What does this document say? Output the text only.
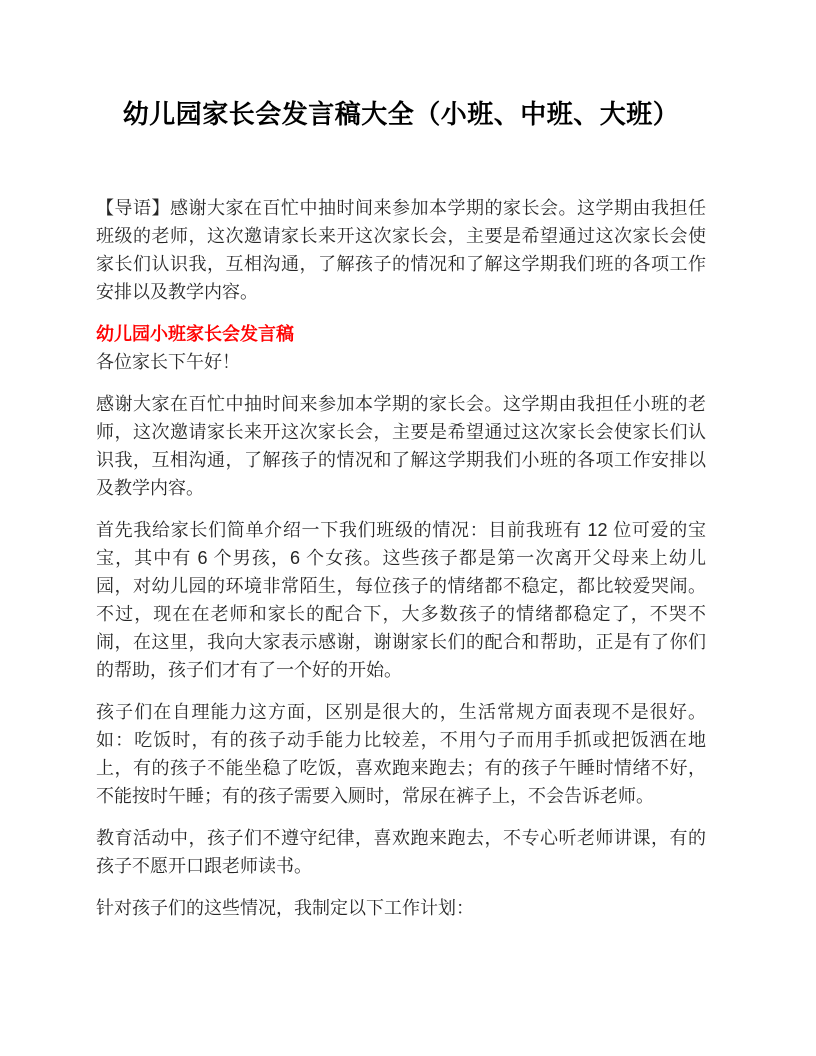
幼儿园家长会发言稿大全（小班、中班、大班）

【导语】感谢大家在百忙中抽时间来参加本学期的家长会。这学期由我担任班级的老师，这次邀请家长来开这次家长会，主要是希望通过这次家长会使家长们认识我，互相沟通，了解孩子的情况和了解这学期我们班的各项工作安排以及教学内容。

幼儿园小班家长会发言稿

各位家长下午好！

感谢大家在百忙中抽时间来参加本学期的家长会。这学期由我担任小班的老师，这次邀请家长来开这次家长会，主要是希望通过这次家长会使家长们认识我，互相沟通，了解孩子的情况和了解这学期我们小班的各项工作安排以及教学内容。

首先我给家长们简单介绍一下我们班级的情况：目前我班有 12 位可爱的宝宝，其中有 6 个男孩，6 个女孩。这些孩子都是第一次离开父母来上幼儿园，对幼儿园的环境非常陌生，每位孩子的情绪都不稳定，都比较爱哭闹。不过，现在在老师和家长的配合下，大多数孩子的情绪都稳定了，不哭不闹，在这里，我向大家表示感谢，谢谢家长们的配合和帮助，正是有了你们的帮助，孩子们才有了一个好的开始。

孩子们在自理能力这方面，区别是很大的，生活常规方面表现不是很好。如：吃饭时，有的孩子动手能力比较差，不用勺子而用手抓或把饭洒在地上，有的孩子不能坐稳了吃饭，喜欢跑来跑去；有的孩子午睡时情绪不好，不能按时午睡；有的孩子需要入厕时，常尿在裤子上，不会告诉老师。

教育活动中，孩子们不遵守纪律，喜欢跑来跑去，不专心听老师讲课，有的孩子不愿开口跟老师读书。

针对孩子们的这些情况，我制定以下工作计划：
